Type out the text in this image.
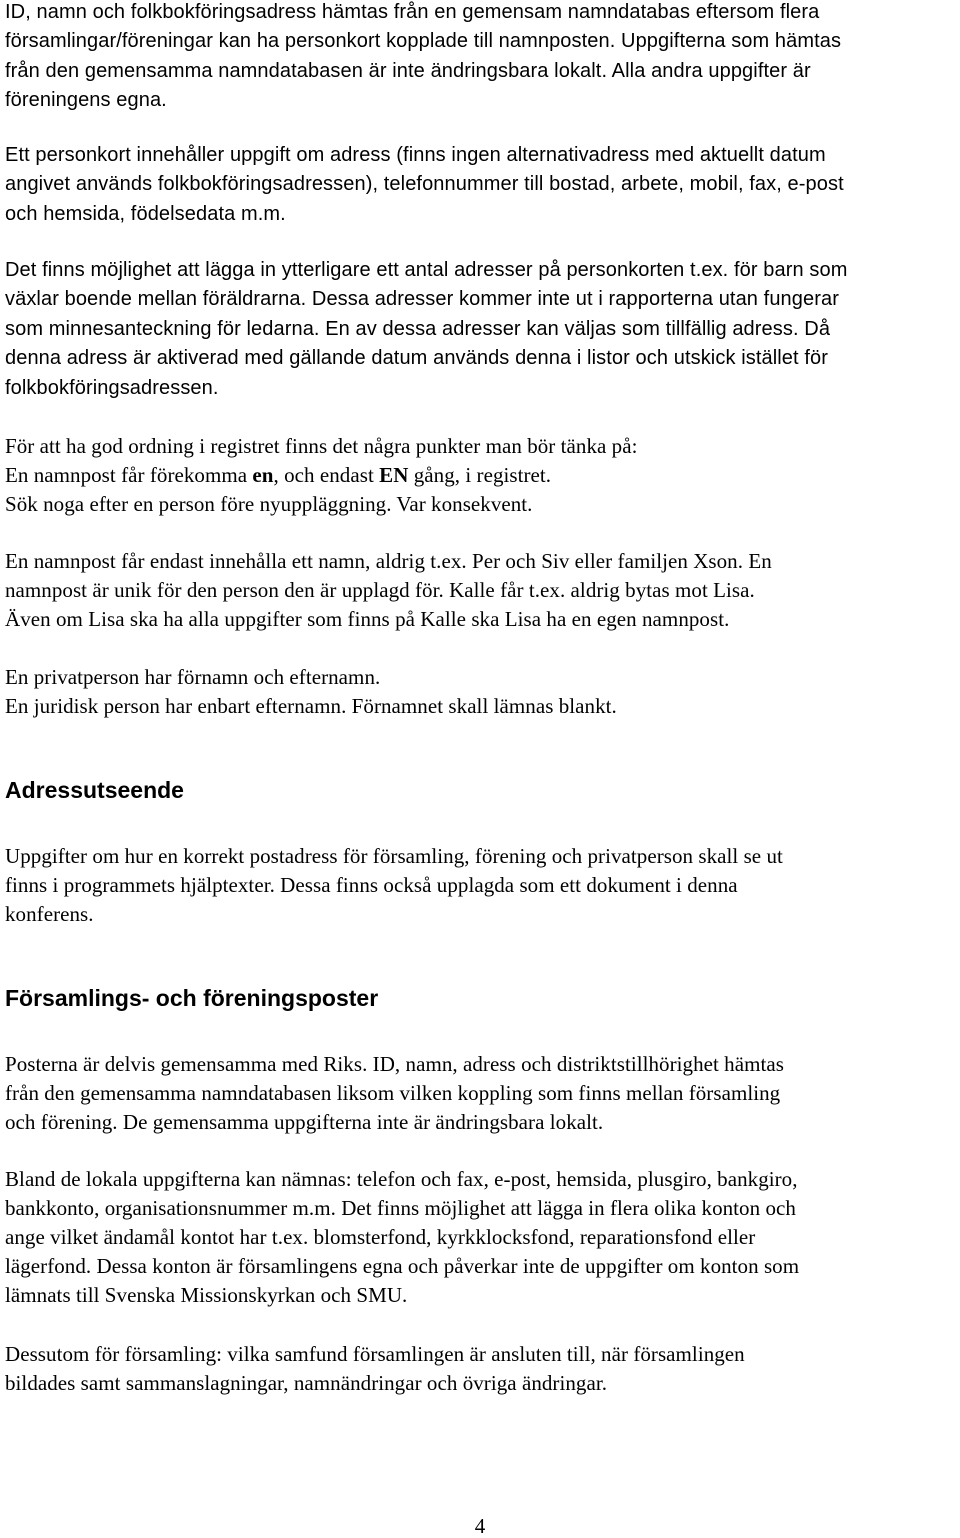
ID, namn och folkbokföringsadress hämtas från en gemensam namndatabas eftersom flera
församlingar/föreningar kan ha personkort kopplade till namnposten. Uppgifterna som hämtas
från den gemensamma namndatabasen är inte ändringsbara lokalt. Alla andra uppgifter är
föreningens egna.
Ett personkort innehåller uppgift om adress (finns ingen alternativadress med aktuellt datum
angivet används folkbokföringsadressen), telefonnummer till bostad, arbete, mobil, fax, e-post
och hemsida, födelsedata m.m.
Det finns möjlighet att lägga in ytterligare ett antal adresser på personkorten t.ex. för barn som
växlar boende mellan föräldrarna. Dessa adresser kommer inte ut i rapporterna utan fungerar
som minnesanteckning för ledarna. En av dessa adresser kan väljas som tillfällig adress. Då
denna adress är aktiverad med gällande datum används denna i listor och utskick istället för
folkbokföringsadressen.
För att ha god ordning i registret finns det några punkter man bör tänka på:
En namnpost får förekomma en, och endast EN gång, i registret.
Sök noga efter en person före nyuppläggning. Var konsekvent.
En namnpost får endast innehålla ett namn, aldrig t.ex. Per och Siv eller familjen Xson. En
namnpost är unik för den person den är upplagd för. Kalle får t.ex. aldrig bytas mot Lisa.
Även om Lisa ska ha alla uppgifter som finns på Kalle ska Lisa ha en egen namnpost.
En privatperson har förnamn och efternamn.
En juridisk person har enbart efternamn. Förnamnet skall lämnas blankt.
Adressutseende
Uppgifter om hur en korrekt postadress för församling, förening och privatperson skall se ut
finns i programmets hjälptexter. Dessa finns också upplagda som ett dokument i denna
konferens.
Församlings- och föreningsposter
Posterna är delvis gemensamma med Riks. ID, namn, adress och distriktstillhörighet hämtas
från den gemensamma namndatabasen liksom vilken koppling som finns mellan församling
och förening. De gemensamma uppgifterna inte är ändringsbara lokalt.
Bland de lokala uppgifterna kan nämnas: telefon och fax, e-post, hemsida, plusgiro, bankgiro,
bankkonto, organisationsnummer m.m. Det finns möjlighet att lägga in flera olika konton och
ange vilket ändamål kontot har t.ex. blomsterfond, kyrkklocksfond, reparationsfond eller
lägerfond. Dessa konton är församlingens egna och påverkar inte de uppgifter om konton som
lämnats till Svenska Missionskyrkan och SMU.
Dessutom för församling: vilka samfund församlingen är ansluten till, när församlingen
bildades samt sammanslagningar, namnändringar och övriga ändringar.
4
